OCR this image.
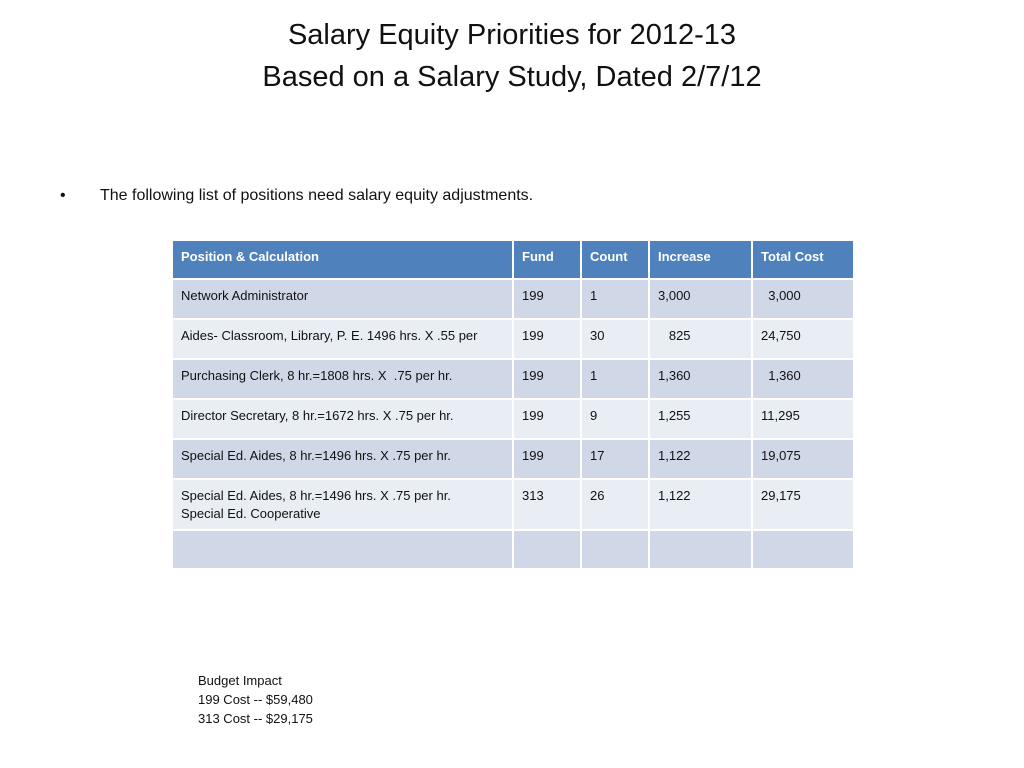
Salary Equity Priorities for 2012-13
Based on a Salary Study, Dated 2/7/12
•	The following list of positions need salary equity adjustments.
Position & Calculation	Fund	Count	Increase	Total Cost
Network Administrator	199	1	3,000	3,000
Aides- Classroom, Library, P. E. 1496 hrs. X .55 per	199	30	825	24,750
Purchasing Clerk, 8 hr.=1808 hrs. X  .75 per hr.	199	1	1,360	1,360
Director Secretary, 8 hr.=1672 hrs. X .75 per hr.	199	9	1,255	11,295
Special Ed. Aides, 8 hr.=1496 hrs. X .75 per hr.	199	17	1,122	19,075

Special Ed. Aides, 8 hr.=1496 hrs. X .75 per hr.
Special Ed. Cooperative	313	26	1,122	29,175

Budget Impact
199 Cost -- $59,480
313 Cost -- $29,175
